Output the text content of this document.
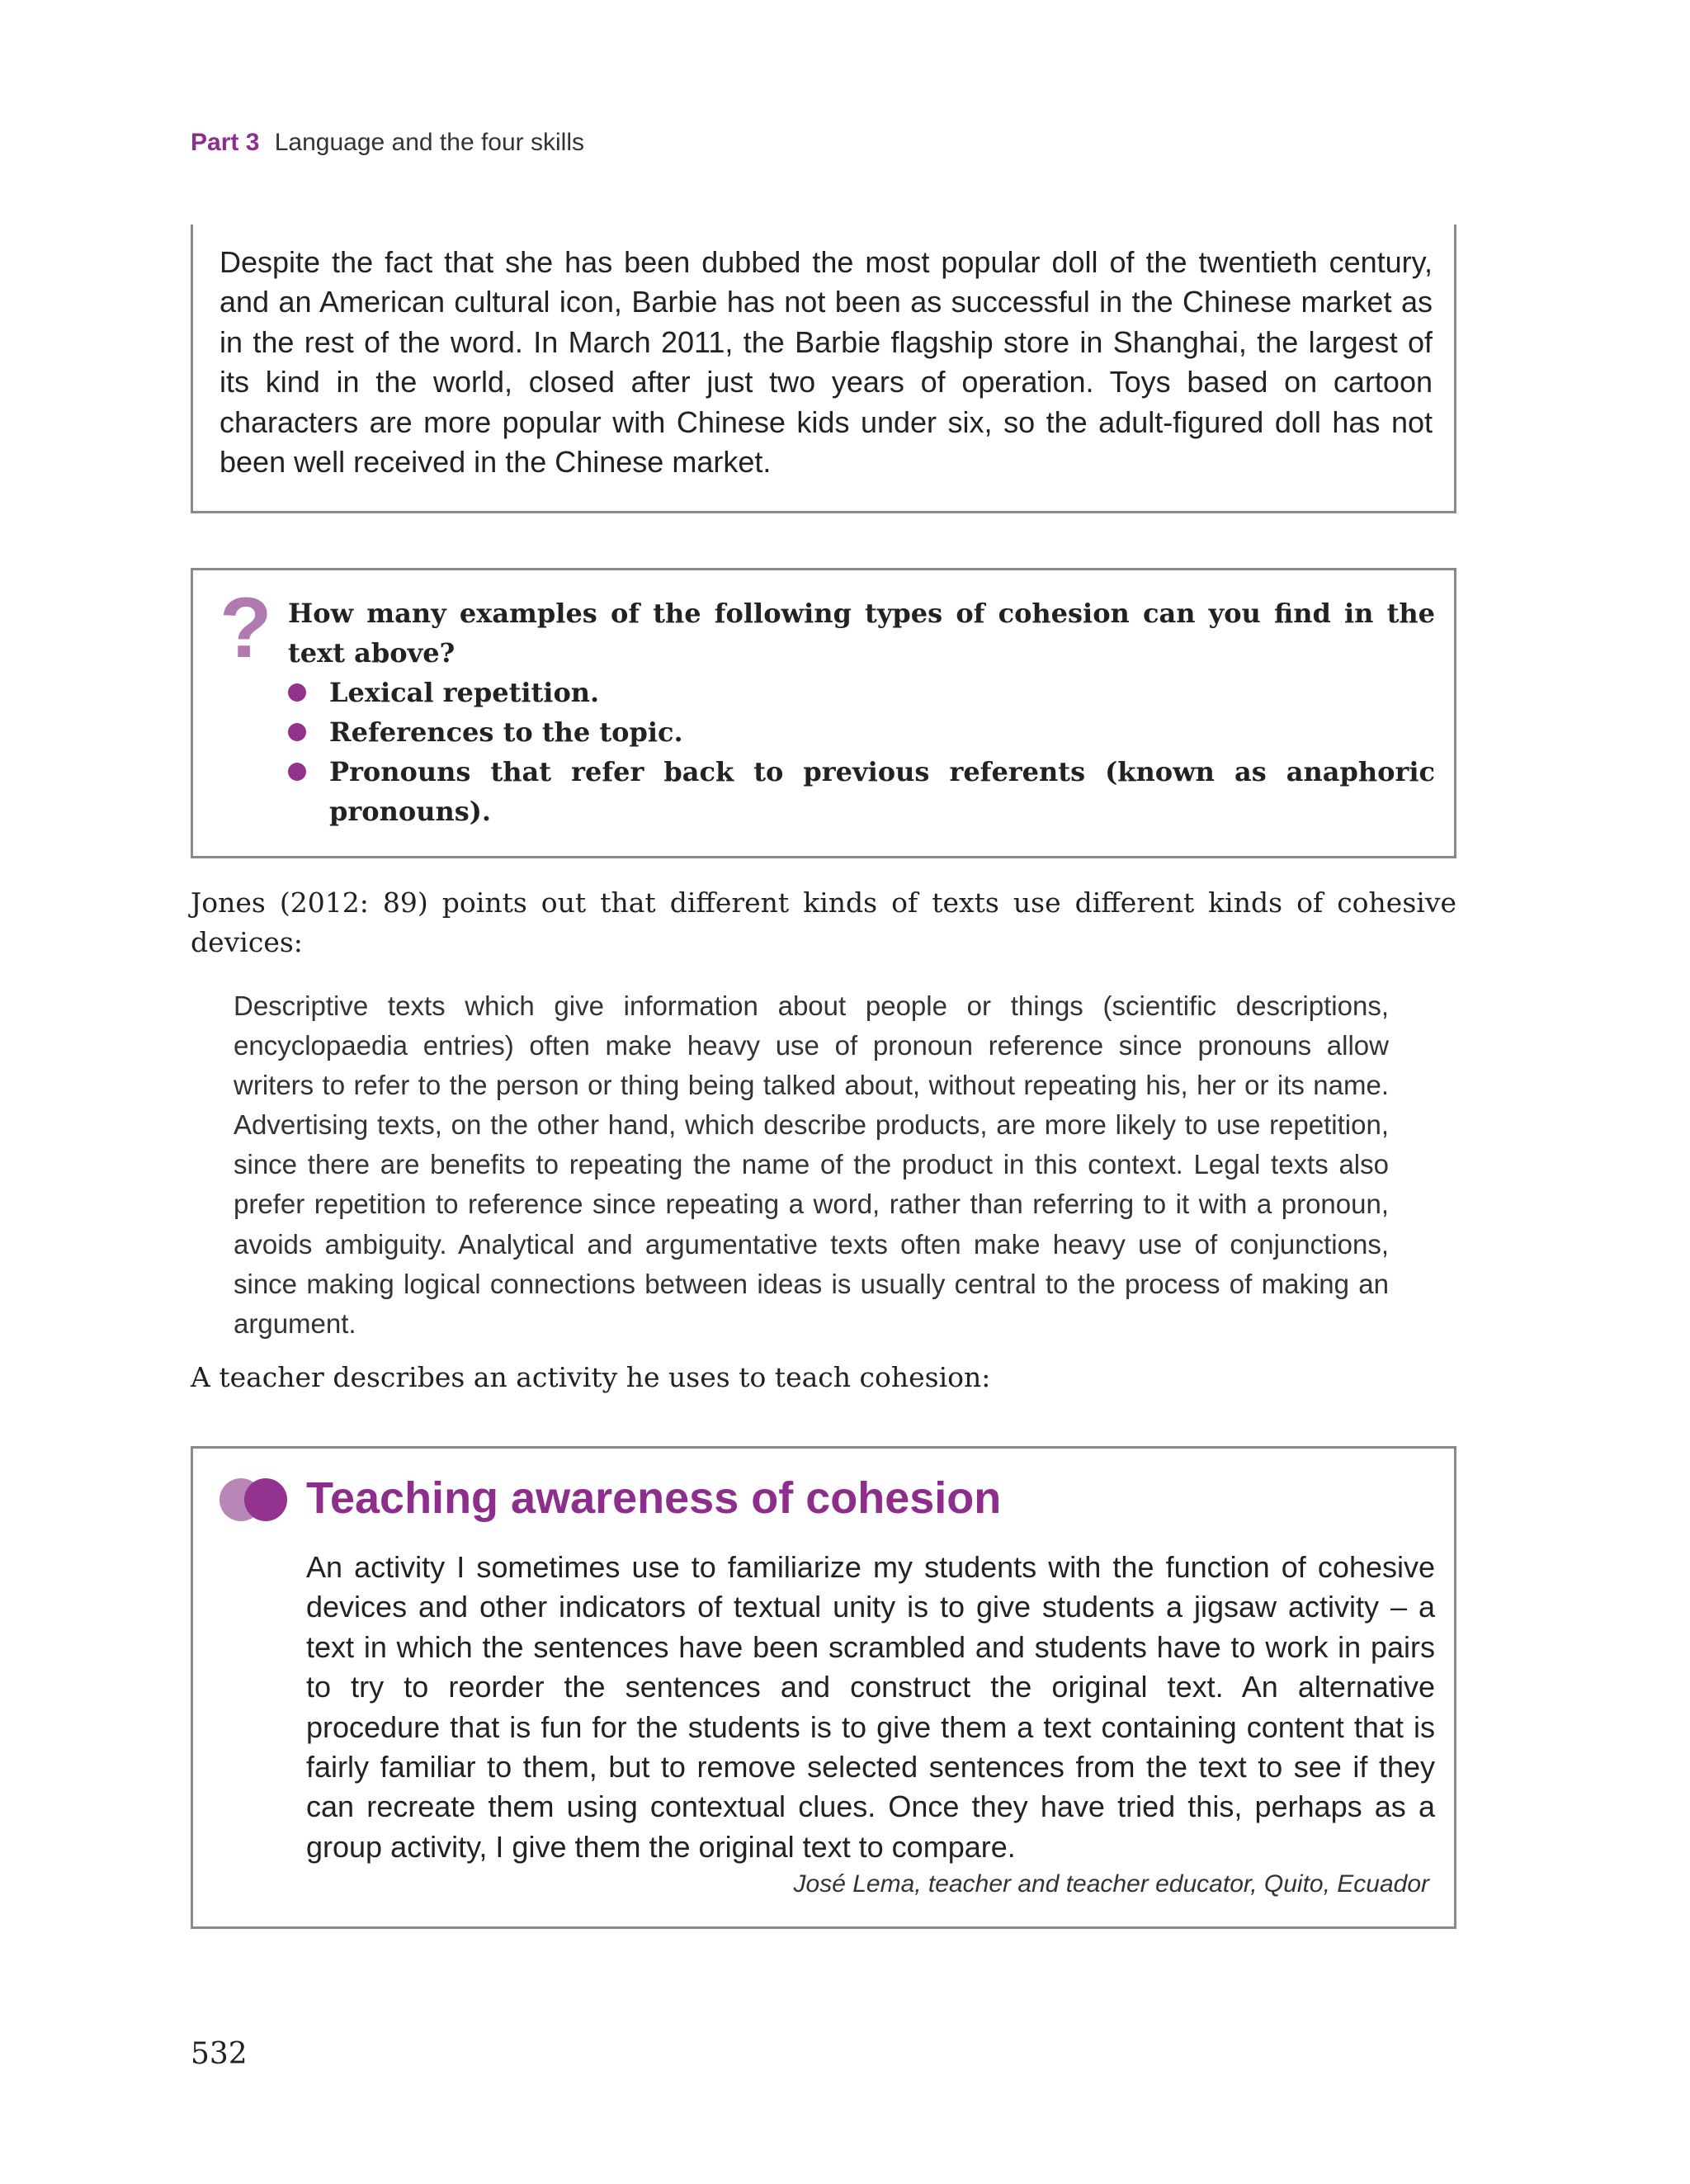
Part 3 Language and the four skills

Despite the fact that she has been dubbed the most popular doll of the twentieth century, and an American cultural icon, Barbie has not been as successful in the Chinese market as in the rest of the word. In March 2011, the Barbie flagship store in Shanghai, the largest of its kind in the world, closed after just two years of operation. Toys based on cartoon characters are more popular with Chinese kids under six, so the adult-figured doll has not been well received in the Chinese market.

? How many examples of the following types of cohesion can you find in the text above?

Lexical repetition.
References to the topic.
Pronouns that refer back to previous referents (known as anaphoric pronouns).

Jones (2012: 89) points out that different kinds of texts use different kinds of cohesive devices:

Descriptive texts which give information about people or things (scientific descriptions, encyclopaedia entries) often make heavy use of pronoun reference since pronouns allow writers to refer to the person or thing being talked about, without repeating his, her or its name. Advertising texts, on the other hand, which describe products, are more likely to use repetition, since there are benefits to repeating the name of the product in this context. Legal texts also prefer repetition to reference since repeating a word, rather than referring to it with a pronoun, avoids ambiguity. Analytical and argumentative texts often make heavy use of conjunctions, since making logical connections between ideas is usually central to the process of making an argument.

A teacher describes an activity he uses to teach cohesion:

Teaching awareness of cohesion

An activity I sometimes use to familiarize my students with the function of cohesive devices and other indicators of textual unity is to give students a jigsaw activity – a text in which the sentences have been scrambled and students have to work in pairs to try to reorder the sentences and construct the original text. An alternative procedure that is fun for the students is to give them a text containing content that is fairly familiar to them, but to remove selected sentences from the text to see if they can recreate them using contextual clues. Once they have tried this, perhaps as a group activity, I give them the original text to compare.

José Lema, teacher and teacher educator, Quito, Ecuador

532
